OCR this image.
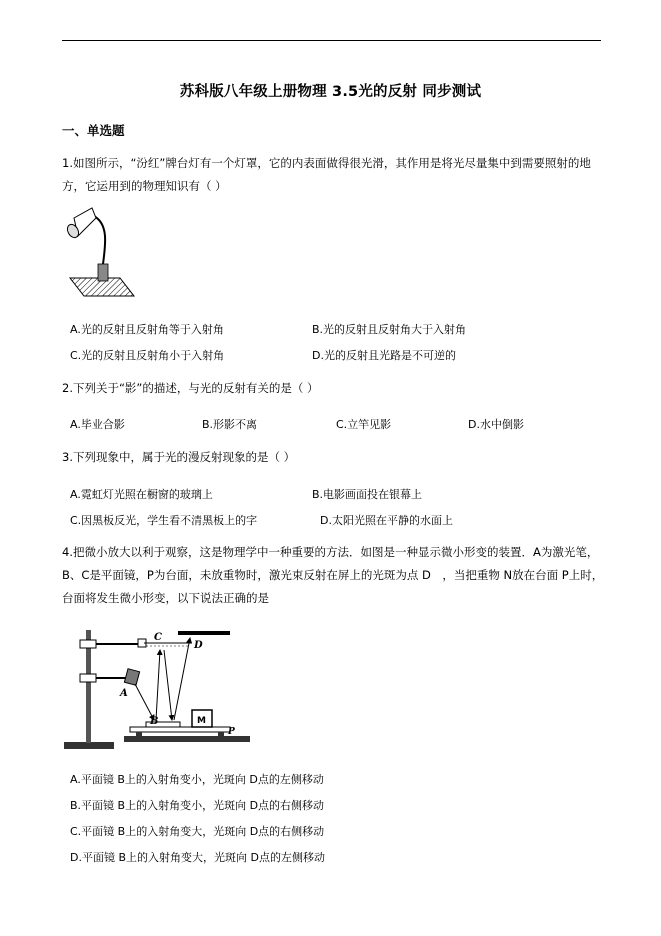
苏科版八年级上册物理 3.5光的反射 同步测试
一、单选题
1.如图所示，“汾红”牌台灯有一个灯罩，它的内表面做得很光滑，其作用是将光尽量集中到需要照射的地方，它运用到的物理知识有（ ）
A.光的反射且反射角等于入射角	B.光的反射且反射角大于入射角
C.光的反射且反射角小于入射角	D.光的反射且光路是不可逆的
2.下列关于“影”的描述，与光的反射有关的是（ ）
A.毕业合影	B.形影不离	C.立竿见影	D.水中倒影
3.下列现象中，属于光的漫反射现象的是（ ）
A.霓虹灯光照在橱窗的玻璃上	B.电影画面投在银幕上
C.因黑板反光，学生看不清黑板上的字	D.太阳光照在平静的水面上
4.把微小放大以利于观察，这是物理学中一种重要的方法．如图是一种显示微小形变的装置．A为激光笔，B、C是平面镜，P为台面，未放重物时，激光束反射在屏上的光斑为点 D　，当把重物 N放在台面 P上时，台面将发生微小形变，以下说法正确的是
A
B
C
D
M
P
A.平面镜 B上的入射角变小，光斑向 D点的左侧移动
B.平面镜 B上的入射角变小，光斑向 D点的右侧移动
C.平面镜 B上的入射角变大，光斑向 D点的右侧移动
D.平面镜 B上的入射角变大，光斑向 D点的左侧移动
